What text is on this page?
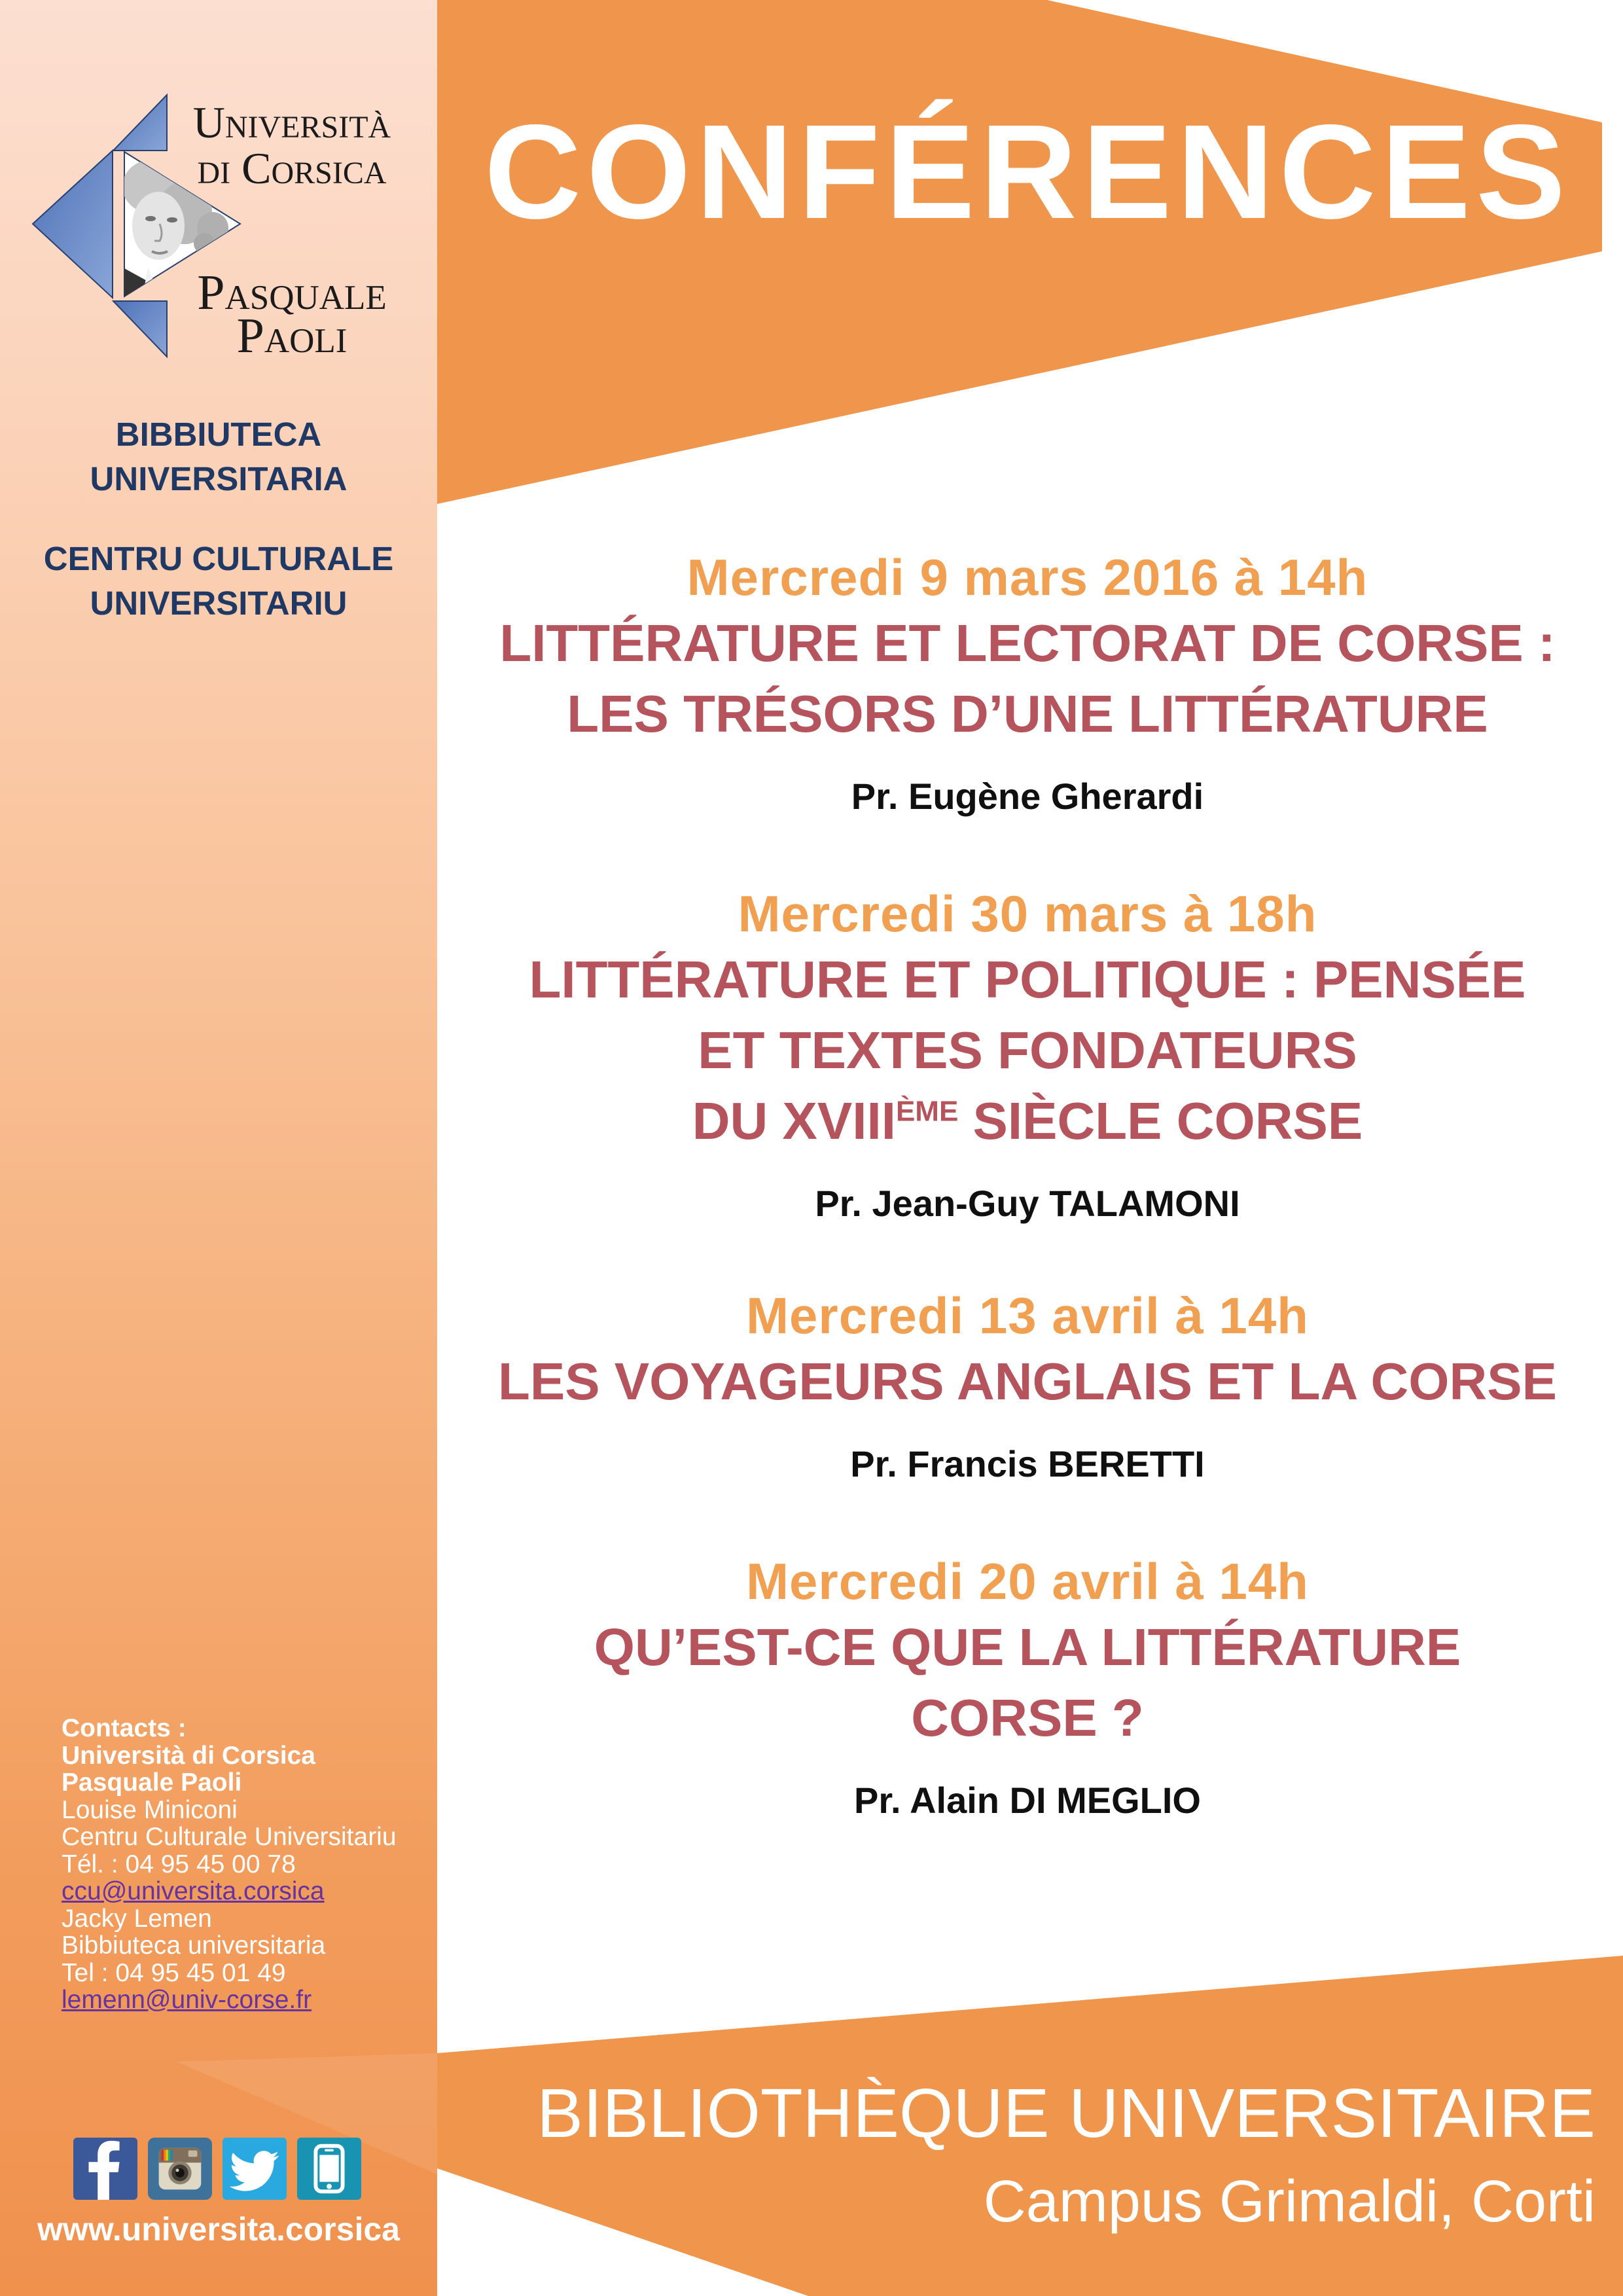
CONFÉRENCES
BIBLIOTHÈQUE UNIVERSITAIRE
Campus Grimaldi, Corti
Università
di Corsica
Pasquale
Paoli
BIBBIUTECA
UNIVERSITARIA
CENTRU CULTURALE
UNIVERSITARIU
Contacts :
Università di Corsica
Pasquale Paoli
Louise Miniconi
Centru Culturale Universitariu
Tél. : 04 95 45 00 78
ccu@universita.corsica
Jacky Lemen
Bibbiuteca universitaria
Tel : 04 95 45 01 49
lemenn@univ-corse.fr
www.universita.corsica
Mercredi 9 mars 2016 à 14h
LITTÉRATURE ET LECTORAT DE CORSE :
LES TRÉSORS D’UNE LITTÉRATURE
Pr. Eugène Gherardi
Mercredi 30 mars à 18h
LITTÉRATURE ET POLITIQUE : PENSÉE
ET TEXTES FONDATEURS
DU XVIIIÈME SIÈCLE CORSE
Pr. Jean-Guy TALAMONI
Mercredi 13 avril à 14h
LES VOYAGEURS ANGLAIS ET LA CORSE
Pr. Francis BERETTI
Mercredi 20 avril à 14h
QU’EST-CE QUE LA LITTÉRATURE
CORSE ?
Pr. Alain DI MEGLIO
